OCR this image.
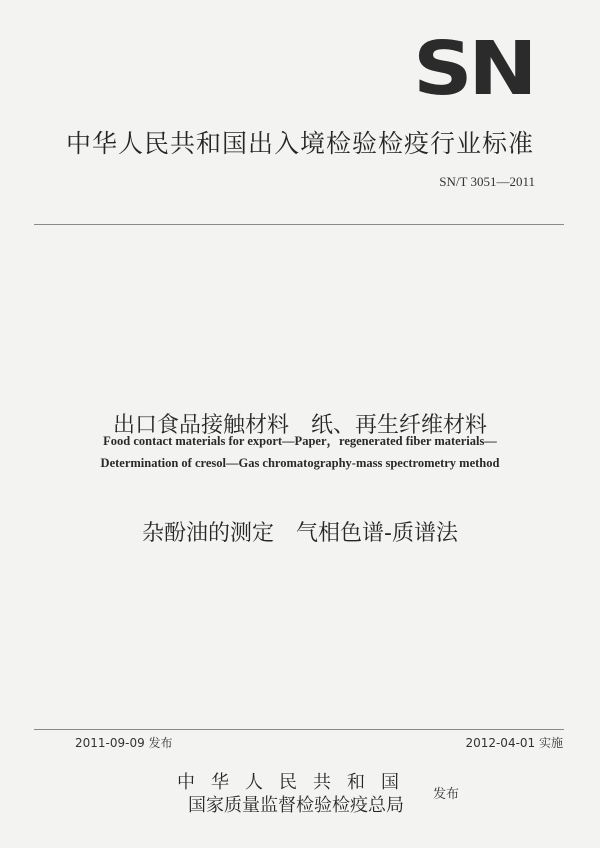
SN
中华人民共和国出入境检验检疫行业标准
SN/T 3051—2011

出口食品接触材料　纸、再生纤维材料

杂酚油的测定　气相色谱-质谱法

Food contact materials for export—Paper，regenerated fiber materials—
Determination of cresol—Gas chromatography-mass spectrometry method
2011-09-09 发布	2012-04-01 实施
中华人民共和国
国家质量监督检验检疫总局
发布
